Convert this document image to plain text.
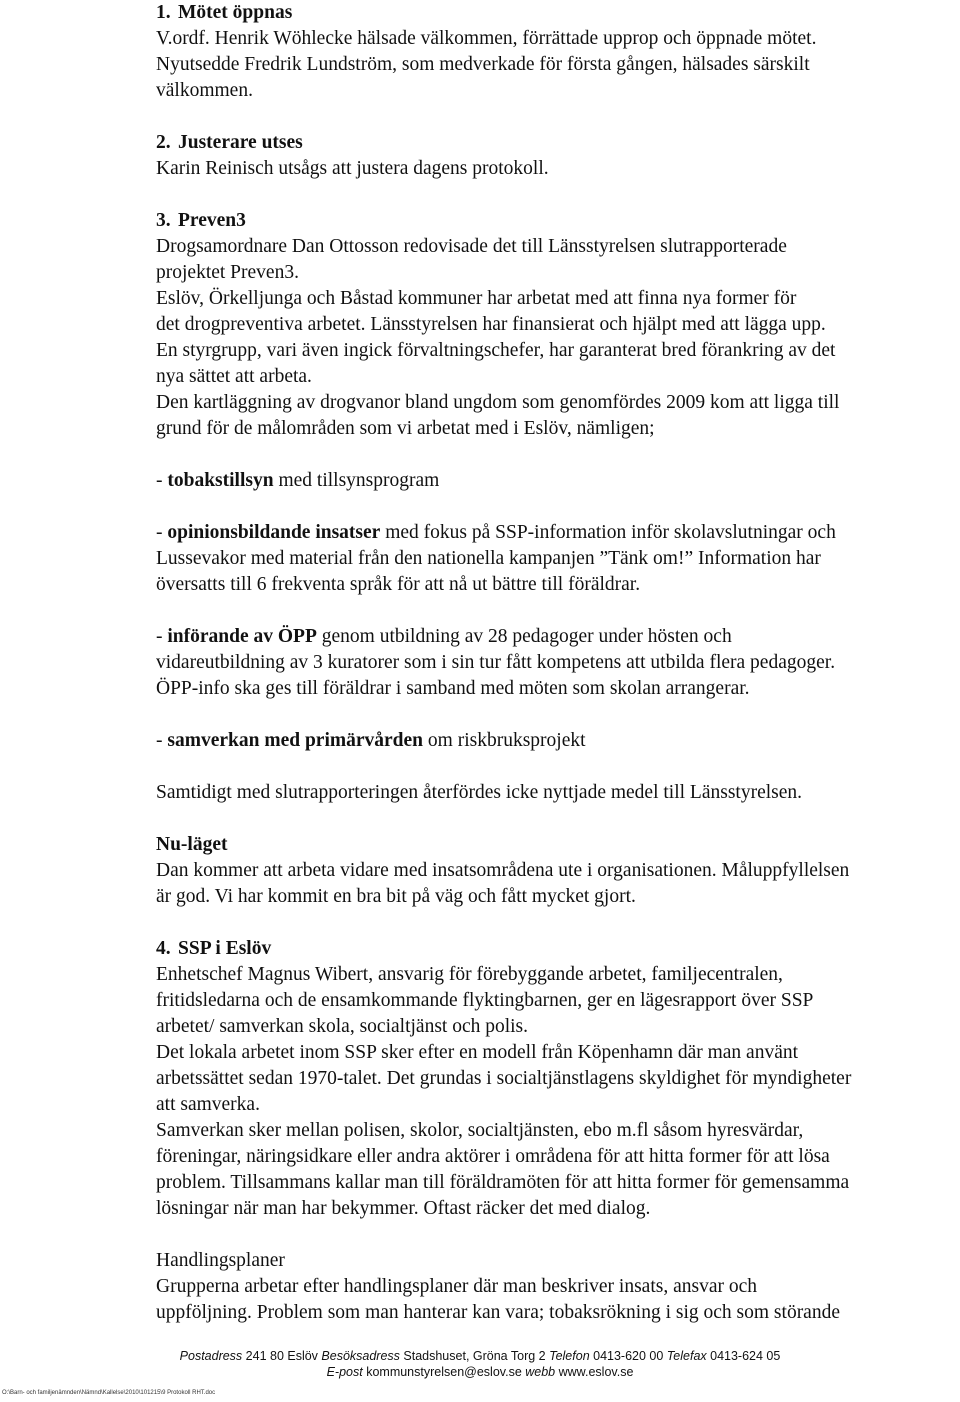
1. Mötet öppnas
V.ordf. Henrik Wöhlecke hälsade välkommen, förrättade upprop och öppnade mötet.
Nyutsedde Fredrik Lundström, som medverkade för första gången, hälsades särskilt
välkommen.
2. Justerare utses
Karin Reinisch utsågs att justera dagens protokoll.
3. Preven3
Drogsamordnare Dan Ottosson redovisade det till Länsstyrelsen slutrapporterade
projektet Preven3.
Eslöv, Örkelljunga och Båstad kommuner har arbetat med att finna nya former för
det drogpreventiva arbetet. Länsstyrelsen har finansierat och hjälpt med att lägga upp.
En styrgrupp, vari även ingick förvaltningschefer, har garanterat bred förankring av det
nya sättet att arbeta.
Den kartläggning av drogvanor bland ungdom som genomfördes 2009 kom att ligga till
grund för de målområden som vi arbetat med i Eslöv, nämligen;
- tobakstillsyn med tillsynsprogram
- opinionsbildande insatser med fokus på SSP-information inför skolavslutningar och
Lussevakor med material från den nationella kampanjen ”Tänk om!” Information har
översatts till 6 frekventa språk för att nå ut bättre till föräldrar.
- införande av ÖPP genom utbildning av 28 pedagoger under hösten och
vidareutbildning av 3 kuratorer som i sin tur fått kompetens att utbilda flera pedagoger.
ÖPP-info ska ges till föräldrar i samband med möten som skolan arrangerar.
- samverkan med primärvården om riskbruksprojekt
Samtidigt med slutrapporteringen återfördes icke nyttjade medel till Länsstyrelsen.
Nu-läget
Dan kommer att arbeta vidare med insatsområdena ute i organisationen. Måluppfyllelsen
är god. Vi har kommit en bra bit på väg och fått mycket gjort.
4. SSP i Eslöv
Enhetschef Magnus Wibert, ansvarig för förebyggande arbetet, familjecentralen,
fritidsledarna och de ensamkommande flyktingbarnen, ger en lägesrapport över SSP
arbetet/ samverkan skola, socialtjänst och polis.
Det lokala arbetet inom SSP sker efter en modell från Köpenhamn där man använt
arbetssättet sedan 1970-talet. Det grundas i socialtjänstlagens skyldighet för myndigheter
att samverka.
Samverkan sker mellan polisen, skolor, socialtjänsten, ebo m.fl såsom hyresvärdar,
föreningar, näringsidkare eller andra aktörer i områdena för att hitta former för att lösa
problem. Tillsammans kallar man till föräldramöten för att hitta former för gemensamma
lösningar när man har bekymmer. Oftast räcker det med dialog.
Handlingsplaner
Grupperna arbetar efter handlingsplaner där man beskriver insats, ansvar och
uppföljning. Problem som man hanterar kan vara; tobaksrökning i sig och som störande
Postadress 241 80 Eslöv Besöksadress Stadshuset, Gröna Torg 2 Telefon 0413-620 00 Telefax 0413-624 05
E-post kommunstyrelsen@eslov.se webb www.eslov.se
O:\Barn- och familjenämnden\Nämnd\Kallelse\2010\101215\9 Protokoll RHT.doc
